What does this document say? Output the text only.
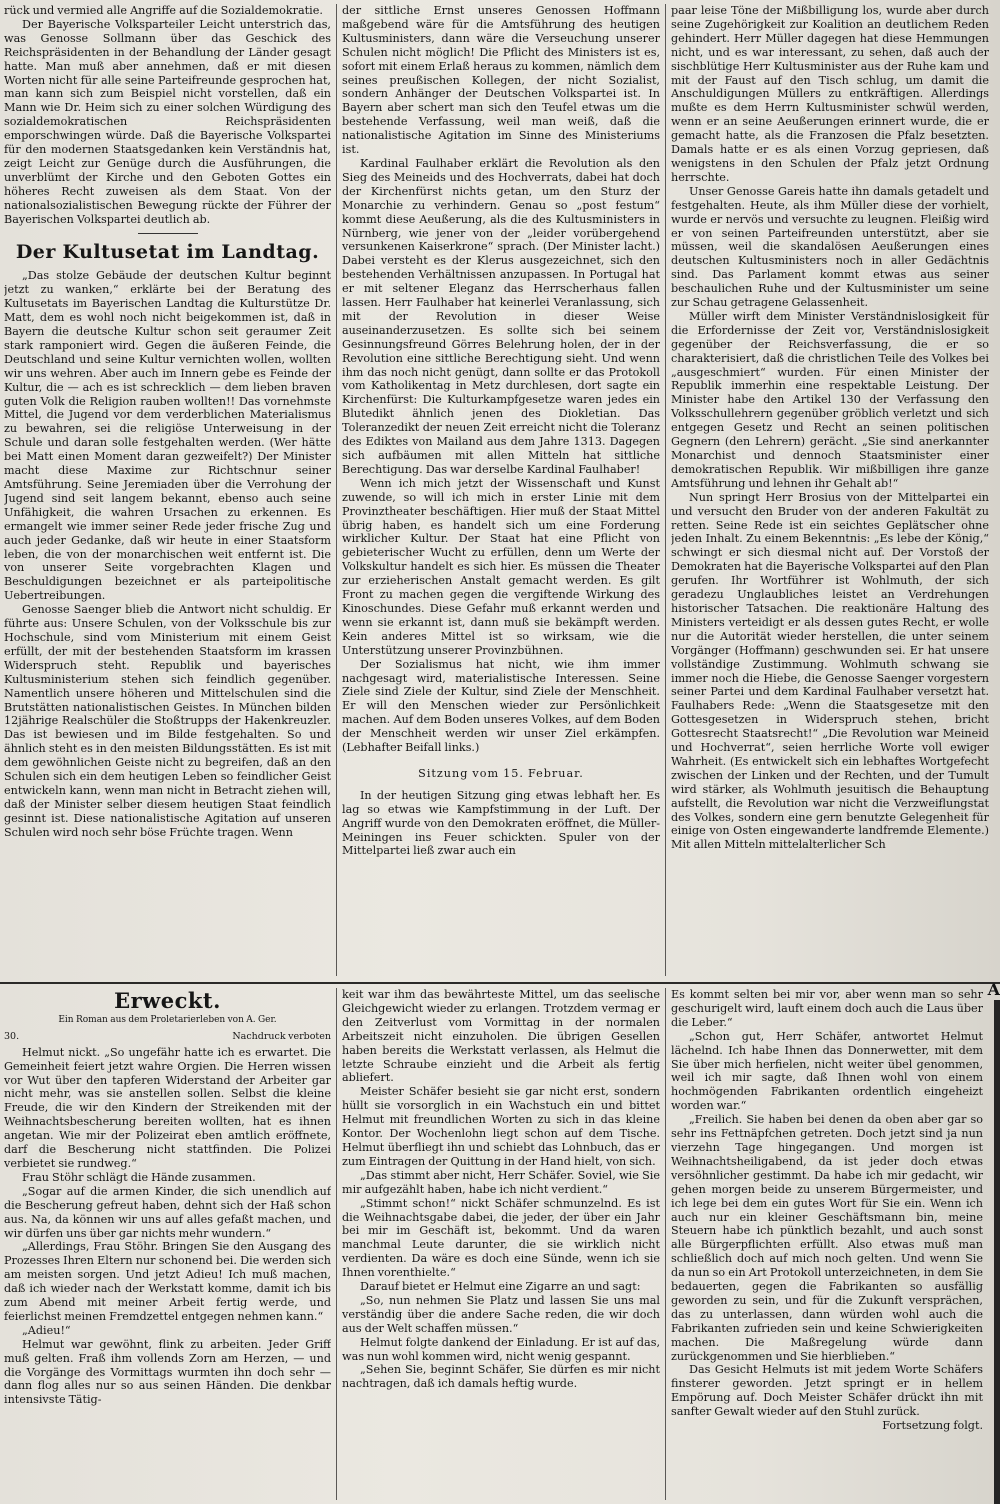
rück und vermied alle Angriffe auf die Sozialdemokratie.

Der Bayerische Volksparteiler Leicht unterstrich das, was Genosse Sollmann über das Geschick des Reichspräsidenten in der Behandlung der Länder gesagt hatte. Man muß aber annehmen, daß er mit diesen Worten nicht für alle seine Parteifreunde gesprochen hat, man kann sich zum Beispiel nicht vorstellen, daß ein Mann wie Dr. Heim sich zu einer solchen Würdigung des sozialdemokratischen Reichspräsidenten emporschwingen würde. Daß die Bayerische Volkspartei für den modernen Staatsgedanken kein Verständnis hat, zeigt Leicht zur Genüge durch die Ausführungen, die unverblümt der Kirche und den Geboten Gottes ein höheres Recht zuweisen als dem Staat. Von der nationalsozialistischen Bewegung rückte der Führer der Bayerischen Volkspartei deutlich ab.

Der Kultusetat im Landtag.

„Das stolze Gebäude der deutschen Kultur beginnt jetzt zu wanken,“ erklärte bei der Beratung des Kultusetats im Bayerischen Landtag die Kulturstütze Dr. Matt, dem es wohl noch nicht beigekommen ist, daß in Bayern die deutsche Kultur schon seit geraumer Zeit stark ramponiert wird. Gegen die äußeren Feinde, die Deutschland und seine Kultur vernichten wollen, wollten wir uns wehren. Aber auch im Innern gebe es Feinde der Kultur, die — ach es ist schrecklich — dem lieben braven guten Volk die Religion rauben wollten!! Das vornehmste Mittel, die Jugend vor dem verderblichen Materialismus zu bewahren, sei die religiöse Unterweisung in der Schule und daran solle festgehalten werden. (Wer hätte bei Matt einen Moment daran gezweifelt?) Der Minister macht diese Maxime zur Richtschnur seiner Amtsführung. Seine Jeremiaden über die Verrohung der Jugend sind seit langem bekannt, ebenso auch seine Unfähigkeit, die wahren Ursachen zu erkennen. Es ermangelt wie immer seiner Rede jeder frische Zug und auch jeder Gedanke, daß wir heute in einer Staatsform leben, die von der monarchischen weit entfernt ist. Die von unserer Seite vorgebrachten Klagen und Beschuldigungen bezeichnet er als parteipolitische Uebertreibungen.

Genosse Saenger blieb die Antwort nicht schuldig. Er führte aus: Unsere Schulen, von der Volksschule bis zur Hochschule, sind vom Ministerium mit einem Geist erfüllt, der mit der bestehenden Staatsform im krassen Widerspruch steht. Republik und bayerisches Kultusministerium stehen sich feindlich gegenüber. Namentlich unsere höheren und Mittelschulen sind die Brutstätten nationalistischen Geistes. In München bilden 12jährige Realschüler die Stoßtrupps der Hakenkreuzler. Das ist bewiesen und im Bilde festgehalten. So und ähnlich steht es in den meisten Bildungsstätten. Es ist mit dem gewöhnlichen Geiste nicht zu begreifen, daß an den Schulen sich ein dem heutigen Leben so feindlicher Geist entwickeln kann, wenn man nicht in Betracht ziehen will, daß der Minister selber diesem heutigen Staat feindlich gesinnt ist. Diese nationalistische Agitation auf unseren Schulen wird noch sehr böse Früchte tragen. Wenn

der sittliche Ernst unseres Genossen Hoffmann maßgebend wäre für die Amtsführung des heutigen Kultusministers, dann wäre die Verseuchung unserer Schulen nicht möglich! Die Pflicht des Ministers ist es, sofort mit einem Erlaß heraus zu kommen, nämlich dem seines preußischen Kollegen, der nicht Sozialist, sondern Anhänger der Deutschen Volkspartei ist. In Bayern aber schert man sich den Teufel etwas um die bestehende Verfassung, weil man weiß, daß die nationalistische Agitation im Sinne des Ministeriums ist.

Kardinal Faulhaber erklärt die Revolution als den Sieg des Meineids und des Hochverrats, dabei hat doch der Kirchenfürst nichts getan, um den Sturz der Monarchie zu verhindern. Genau so „post festum“ kommt diese Aeußerung, als die des Kultusministers in Nürnberg, wie jener von der „leider vorübergehend versunkenen Kaiserkrone“ sprach. (Der Minister lacht.) Dabei versteht es der Klerus ausgezeichnet, sich den bestehenden Verhältnissen anzupassen. In Portugal hat er mit seltener Eleganz das Herrscherhaus fallen lassen. Herr Faulhaber hat keinerlei Veranlassung, sich mit der Revolution in dieser Weise auseinanderzusetzen. Es sollte sich bei seinem Gesinnungsfreund Görres Belehrung holen, der in der Revolution eine sittliche Berechtigung sieht. Und wenn ihm das noch nicht genügt, dann sollte er das Protokoll vom Katholikentag in Metz durchlesen, dort sagte ein Kirchenfürst: Die Kulturkampfgesetze waren jedes ein Blutedikt ähnlich jenen des Diokletian. Das Toleranzedikt der neuen Zeit erreicht nicht die Toleranz des Ediktes von Mailand aus dem Jahre 1313. Dagegen sich aufbäumen mit allen Mitteln hat sittliche Berechtigung. Das war derselbe Kardinal Faulhaber!

Wenn ich mich jetzt der Wissenschaft und Kunst zuwende, so will ich mich in erster Linie mit dem Provinztheater beschäftigen. Hier muß der Staat Mittel übrig haben, es handelt sich um eine Forderung wirklicher Kultur. Der Staat hat eine Pflicht von gebieterischer Wucht zu erfüllen, denn um Werte der Volkskultur handelt es sich hier. Es müssen die Theater zur erzieherischen Anstalt gemacht werden. Es gilt Front zu machen gegen die vergiftende Wirkung des Kinoschundes. Diese Gefahr muß erkannt werden und wenn sie erkannt ist, dann muß sie bekämpft werden. Kein anderes Mittel ist so wirksam, wie die Unterstützung unserer Provinzbühnen.

Der Sozialismus hat nicht, wie ihm immer nachgesagt wird, materialistische Interessen. Seine Ziele sind Ziele der Kultur, sind Ziele der Menschheit. Er will den Menschen wieder zur Persönlichkeit machen. Auf dem Boden unseres Volkes, auf dem Boden der Menschheit werden wir unser Ziel erkämpfen. (Lebhafter Beifall links.)

Sitzung vom 15. Februar.

In der heutigen Sitzung ging etwas lebhaft her. Es lag so etwas wie Kampfstimmung in der Luft. Der Angriff wurde von den Demokraten eröffnet, die Müller-Meiningen ins Feuer schickten. Spuler von der Mittelpartei ließ zwar auch ein

paar leise Töne der Mißbilligung los, wurde aber durch seine Zugehörigkeit zur Koalition an deutlichem Reden gehindert. Herr Müller dagegen hat diese Hemmungen nicht, und es war interessant, zu sehen, daß auch der sischblütige Herr Kultusminister aus der Ruhe kam und mit der Faust auf den Tisch schlug, um damit die Anschuldigungen Müllers zu entkräftigen. Allerdings mußte es dem Herrn Kultusminister schwül werden, wenn er an seine Aeußerungen erinnert wurde, die er gemacht hatte, als die Franzosen die Pfalz besetzten. Damals hatte er es als einen Vorzug gepriesen, daß wenigstens in den Schulen der Pfalz jetzt Ordnung herrschte.

Unser Genosse Gareis hatte ihn damals getadelt und festgehalten. Heute, als ihm Müller diese der vorhielt, wurde er nervös und versuchte zu leugnen. Fleißig wird er von seinen Parteifreunden unterstützt, aber sie müssen, weil die skandalösen Aeußerungen eines deutschen Kultusministers noch in aller Gedächtnis sind. Das Parlament kommt etwas aus seiner beschaulichen Ruhe und der Kultusminister um seine zur Schau getragene Gelassenheit.

Müller wirft dem Minister Verständnislosigkeit für die Erfordernisse der Zeit vor, Verständnislosigkeit gegenüber der Reichsverfassung, die er so charakterisiert, daß die christlichen Teile des Volkes bei „ausgeschmiert“ wurden. Für einen Minister der Republik immerhin eine respektable Leistung. Der Minister habe den Artikel 130 der Verfassung den Volksschullehrern gegenüber gröblich verletzt und sich entgegen Gesetz und Recht an seinen politischen Gegnern (den Lehrern) gerächt. „Sie sind anerkannter Monarchist und dennoch Staatsminister einer demokratischen Republik. Wir mißbilligen ihre ganze Amtsführung und lehnen ihr Gehalt ab!“

Nun springt Herr Brosius von der Mittelpartei ein und versucht den Bruder von der anderen Fakultät zu retten. Seine Rede ist ein seichtes Geplätscher ohne jeden Inhalt. Zu einem Bekenntnis: „Es lebe der König,“ schwingt er sich diesmal nicht auf. Der Vorstoß der Demokraten hat die Bayerische Volkspartei auf den Plan gerufen. Ihr Wortführer ist Wohlmuth, der sich geradezu Unglaubliches leistet an Verdrehungen historischer Tatsachen. Die reaktionäre Haltung des Ministers verteidigt er als dessen gutes Recht, er wolle nur die Autorität wieder herstellen, die unter seinem Vorgänger (Hoffmann) geschwunden sei. Er hat unsere vollständige Zustimmung. Wohlmuth schwang sie immer noch die Hiebe, die Genosse Saenger vorgestern seiner Partei und dem Kardinal Faulhaber versetzt hat. Faulhabers Rede: „Wenn die Staatsgesetze mit den Gottesgesetzen in Widerspruch stehen, bricht Gottesrecht Staatsrecht!“ „Die Revolution war Meineid und Hochverrat“, seien herrliche Worte voll ewiger Wahrheit. (Es entwickelt sich ein lebhaftes Wortgefecht zwischen der Linken und der Rechten, und der Tumult wird stärker, als Wohlmuth jesuitisch die Behauptung aufstellt, die Revolution war nicht die Verzweiflungstat des Volkes, sondern eine gern benutzte Gelegenheit für einige von Osten eingewanderte landfremde Elemente.) Mit allen Mitteln mittelalterlicher Sch

Erweckt.
Ein Roman aus dem Proletarierleben von A. Ger.
30.	Nachdruck verboten

Helmut nickt. „So ungefähr hatte ich es erwartet. Die Gemeinheit feiert jetzt wahre Orgien. Die Herren wissen vor Wut über den tapferen Widerstand der Arbeiter gar nicht mehr, was sie anstellen sollen. Selbst die kleine Freude, die wir den Kindern der Streikenden mit der Weihnachtsbescherung bereiten wollten, hat es ihnen angetan. Wie mir der Polizeirat eben amtlich eröffnete, darf die Bescherung nicht stattfinden. Die Polizei verbietet sie rundweg.“

Frau Stöhr schlägt die Hände zusammen.

„Sogar auf die armen Kinder, die sich unendlich auf die Bescherung gefreut haben, dehnt sich der Haß schon aus. Na, da können wir uns auf alles gefaßt machen, und wir dürfen uns über gar nichts mehr wundern.“

„Allerdings, Frau Stöhr. Bringen Sie den Ausgang des Prozesses Ihren Eltern nur schonend bei. Die werden sich am meisten sorgen. Und jetzt Adieu! Ich muß machen, daß ich wieder nach der Werkstatt komme, damit ich bis zum Abend mit meiner Arbeit fertig werde, und feierlichst meinen Fremdzettel entgegen nehmen kann.“

„Adieu!“

Helmut war gewöhnt, flink zu arbeiten. Jeder Griff muß gelten. Fraß ihm vollends Zorn am Herzen, — und die Vorgänge des Vormittags wurmten ihn doch sehr — dann flog alles nur so aus seinen Händen. Die denkbar intensivste Tätig-

keit war ihm das bewährteste Mittel, um das seelische Gleichgewicht wieder zu erlangen. Trotzdem vermag er den Zeitverlust vom Vormittag in der normalen Arbeitszeit nicht einzuholen. Die übrigen Gesellen haben bereits die Werkstatt verlassen, als Helmut die letzte Schraube einzieht und die Arbeit als fertig abliefert.

Meister Schäfer besieht sie gar nicht erst, sondern hüllt sie vorsorglich in ein Wachstuch ein und bittet Helmut mit freundlichen Worten zu sich in das kleine Kontor. Der Wochenlohn liegt schon auf dem Tische. Helmut überfliegt ihn und schiebt das Lohnbuch, das er zum Eintragen der Quittung in der Hand hielt, von sich.

„Das stimmt aber nicht, Herr Schäfer. Soviel, wie Sie mir aufgezählt haben, habe ich nicht verdient.“

„Stimmt schon!“ nickt Schäfer schmunzelnd. Es ist die Weihnachtsgabe dabei, die jeder, der über ein Jahr bei mir im Geschäft ist, bekommt. Und da waren manchmal Leute darunter, die sie wirklich nicht verdienten. Da wäre es doch eine Sünde, wenn ich sie Ihnen vorenthielte.“

Darauf bietet er Helmut eine Zigarre an und sagt:

„So, nun nehmen Sie Platz und lassen Sie uns mal verständig über die andere Sache reden, die wir doch aus der Welt schaffen müssen.“

Helmut folgte dankend der Einladung. Er ist auf das, was nun wohl kommen wird, nicht wenig gespannt.

„Sehen Sie, beginnt Schäfer, Sie dürfen es mir nicht nachtragen, daß ich damals heftig wurde.

Es kommt selten bei mir vor, aber wenn man so sehr geschurigelt wird, lauft einem doch auch die Laus über die Leber.“

„Schon gut, Herr Schäfer, antwortet Helmut lächelnd. Ich habe Ihnen das Donnerwetter, mit dem Sie über mich herfielen, nicht weiter übel genommen, weil ich mir sagte, daß Ihnen wohl von einem hochmögenden Fabrikanten ordentlich eingeheizt worden war.“

„Freilich. Sie haben bei denen da oben aber gar so sehr ins Fettnäpfchen getreten. Doch jetzt sind ja nun vierzehn Tage hingegangen. Und morgen ist Weihnachtsheiligabend, da ist jeder doch etwas versöhnlicher gestimmt. Da habe ich mir gedacht, wir gehen morgen beide zu unserem Bürgermeister, und ich lege bei dem ein gutes Wort für Sie ein. Wenn ich auch nur ein kleiner Geschäftsmann bin, meine Steuern habe ich pünktlich bezahlt, und auch sonst alle Bürgerpflichten erfüllt. Also etwas muß man schließlich doch auf mich noch gelten. Und wenn Sie da nun so ein Art Protokoll unterzeichneten, in dem Sie bedauerten, gegen die Fabrikanten so ausfällig geworden zu sein, und für die Zukunft versprächen, das zu unterlassen, dann würden wohl auch die Fabrikanten zufrieden sein und keine Schwierigkeiten machen. Die Maßregelung würde dann zurückgenommen und Sie hierblieben.“

Das Gesicht Helmuts ist mit jedem Worte Schäfers finsterer geworden. Jetzt springt er in hellem Empörung auf. Doch Meister Schäfer drückt ihn mit sanfter Gewalt wieder auf den Stuhl zurück.

Fortsetzung folgt.

A
